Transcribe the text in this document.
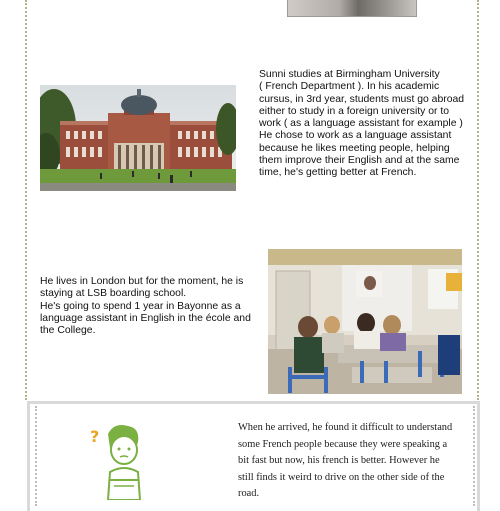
Sunni studies at Birmingham University
( French Department ). In his academic
cursus, in 3rd year, students must go abroad
either to study in a foreign university or to
work ( as a language assistant for example )
He chose to work as a language assistant
because he likes meeting people, helping
them improve their English and at the same
time, he's getting better at French.

He lives in London but for the moment, he is
staying at LSB boarding school.
He's going to spend 1 year in Bayonne as a
language assistant in English in the école and
the College.

?	When he arrived, he found it difficult to understand
some French people because they were speaking a
bit fast but now, his french is better. However he
still finds it weird to drive on the other side of the
road.
